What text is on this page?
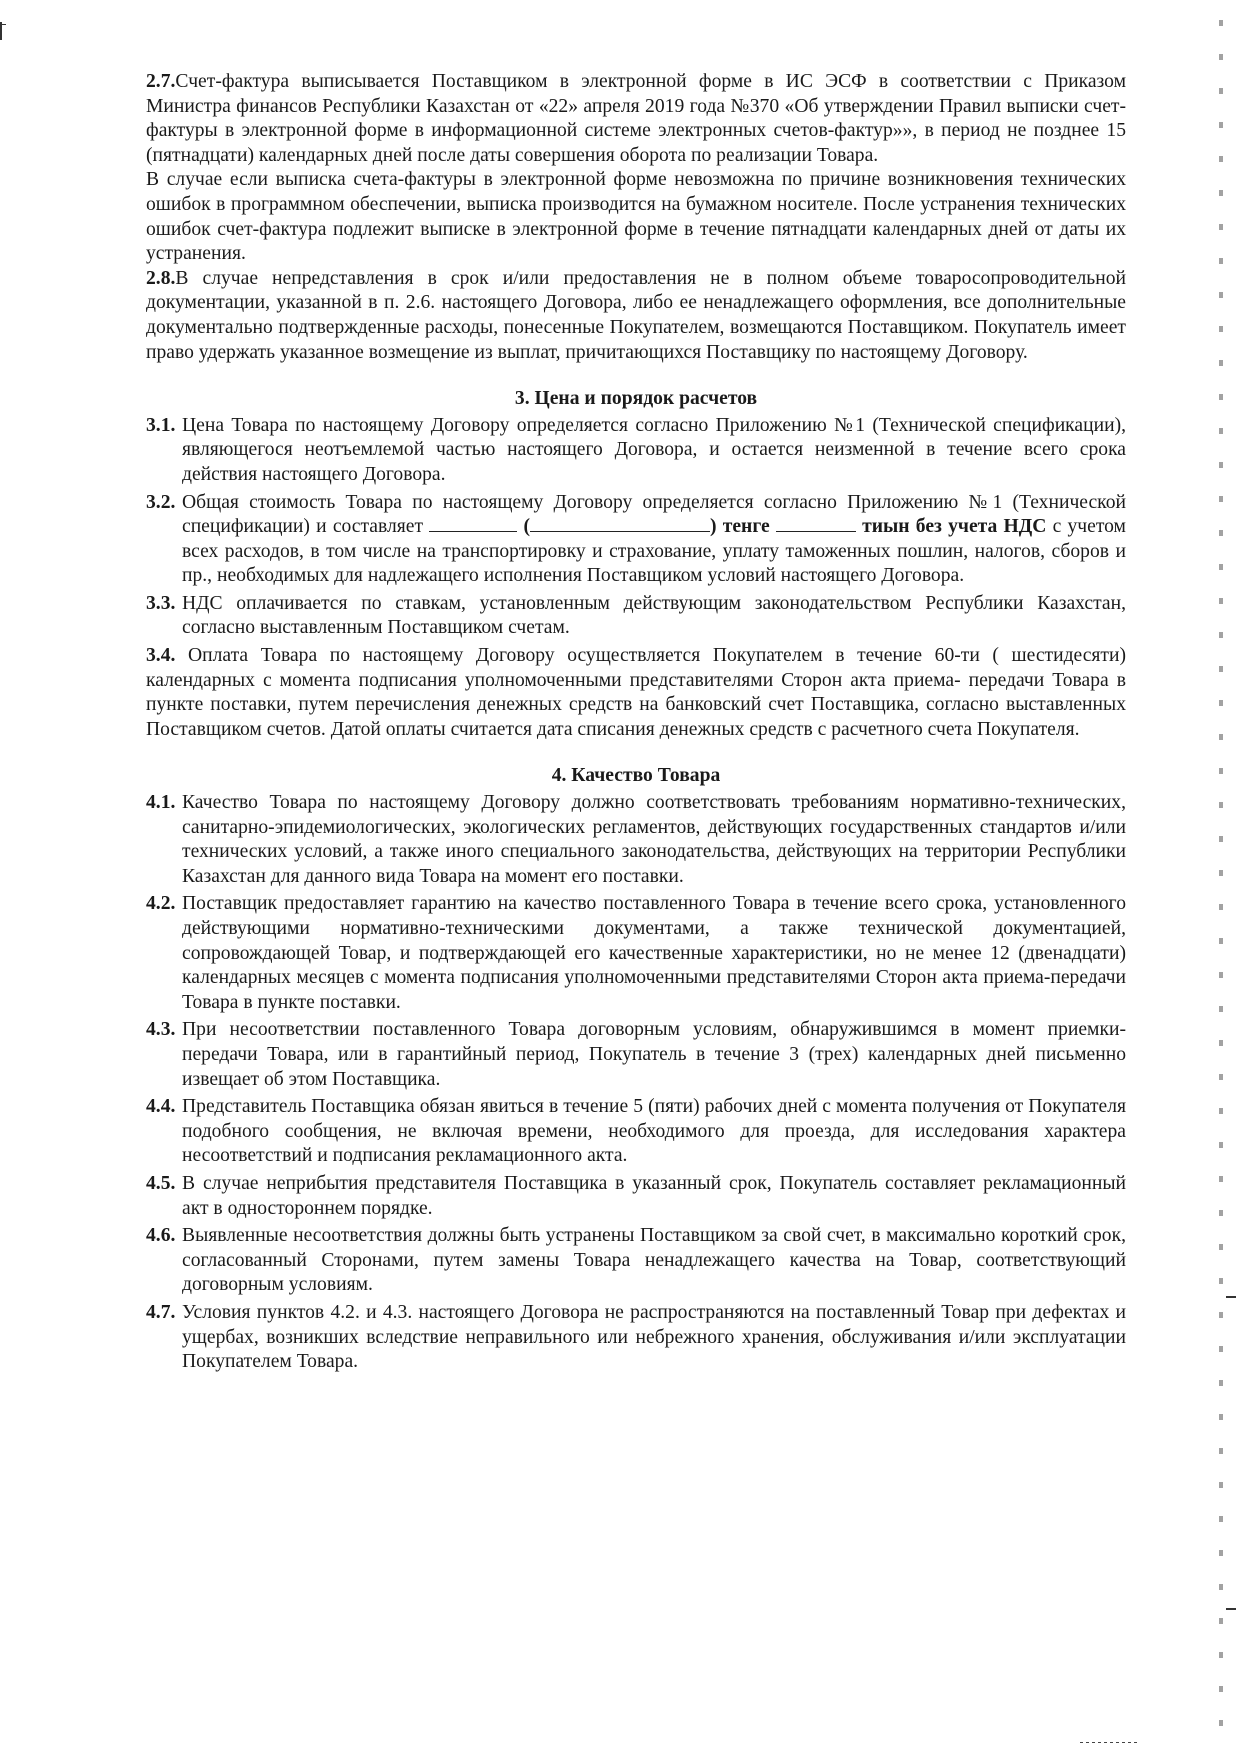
2.7.Счет-фактура выписывается Поставщиком в электронной форме в ИС ЭСФ в соответствии с Приказом Министра финансов Республики Казахстан от «22» апреля 2019 года №370 «Об утверждении Правил выписки счет-фактуры в электронной форме в информационной системе электронных счетов-фактур»», в период не позднее 15 (пятнадцати) календарных дней после даты совершения оборота по реализации Товара.

В случае если выписка счета-фактуры в электронной форме невозможна по причине возникновения технических ошибок в программном обеспечении, выписка производится на бумажном носителе. После устранения технических ошибок счет-фактура подлежит выписке в электронной форме в течение пятнадцати календарных дней от даты их устранения.

2.8.В случае непредставления в срок и/или предоставления не в полном объеме товаросопроводительной документации, указанной в п. 2.6. настоящего Договора, либо ее ненадлежащего оформления, все дополнительные документально подтвержденные расходы, понесенные Покупателем, возмещаются Поставщиком. Покупатель имеет право удержать указанное возмещение из выплат, причитающихся Поставщику по настоящему Договору.

3. Цена и порядок расчетов
3.1. Цена Товара по настоящему Договору определяется согласно Приложению №1 (Технической спецификации), являющегося неотъемлемой частью настоящего Договора, и остается неизменной в течение всего срока действия настоящего Договора.
3.2. Общая стоимость Товара по настоящему Договору определяется согласно Приложению №1 (Технической спецификации) и составляет	(	) тенге	тиын без учета НДС с учетом всех расходов, в том числе на транспортировку и страхование, уплату таможенных пошлин, налогов, сборов и пр., необходимых для надлежащего исполнения Поставщиком условий настоящего Договора.
3.3. НДС оплачивается по ставкам, установленным действующим законодательством Республики Казахстан, согласно выставленным Поставщиком счетам.

3.4. Оплата Товара по настоящему Договору осуществляется Покупателем в течение 60-ти ( шестидесяти) календарных с момента подписания уполномоченными представителями Сторон акта приема- передачи Товара в пункте поставки, путем перечисления денежных средств на банковский счет Поставщика, согласно выставленных Поставщиком счетов. Датой оплаты считается дата списания денежных средств с расчетного счета Покупателя.

4. Качество Товара
4.1. Качество Товара по настоящему Договору должно соответствовать требованиям нормативно-технических, санитарно-эпидемиологических, экологических регламентов, действующих государственных стандартов и/или технических условий, а также иного специального законодательства, действующих на территории Республики Казахстан для данного вида Товара на момент его поставки.
4.2. Поставщик предоставляет гарантию на качество поставленного Товара в течение всего срока, установленного действующими нормативно-техническими документами, а также технической документацией, сопровождающей Товар, и подтверждающей его качественные характеристики, но не менее 12 (двенадцати) календарных месяцев с момента подписания уполномоченными представителями Сторон акта приема-передачи Товара в пункте поставки.
4.3. При несоответствии поставленного Товара договорным условиям, обнаружившимся в момент приемки-передачи Товара, или в гарантийный период, Покупатель в течение 3 (трех) календарных дней письменно извещает об этом Поставщика.
4.4. Представитель Поставщика обязан явиться в течение 5 (пяти) рабочих дней с момента получения от Покупателя подобного сообщения, не включая времени, необходимого для проезда, для исследования характера несоответствий и подписания рекламационного акта.
4.5. В случае неприбытия представителя Поставщика в указанный срок, Покупатель составляет рекламационный акт в одностороннем порядке.
4.6. Выявленные несоответствия должны быть устранены Поставщиком за свой счет, в максимально короткий срок, согласованный Сторонами, путем замены Товара ненадлежащего качества на Товар, соответствующий договорным условиям.
4.7. Условия пунктов 4.2. и 4.3. настоящего Договора не распространяются на поставленный Товар при дефектах и ущербах, возникших вследствие неправильного или небрежного хранения, обслуживания и/или эксплуатации Покупателем Товара.
